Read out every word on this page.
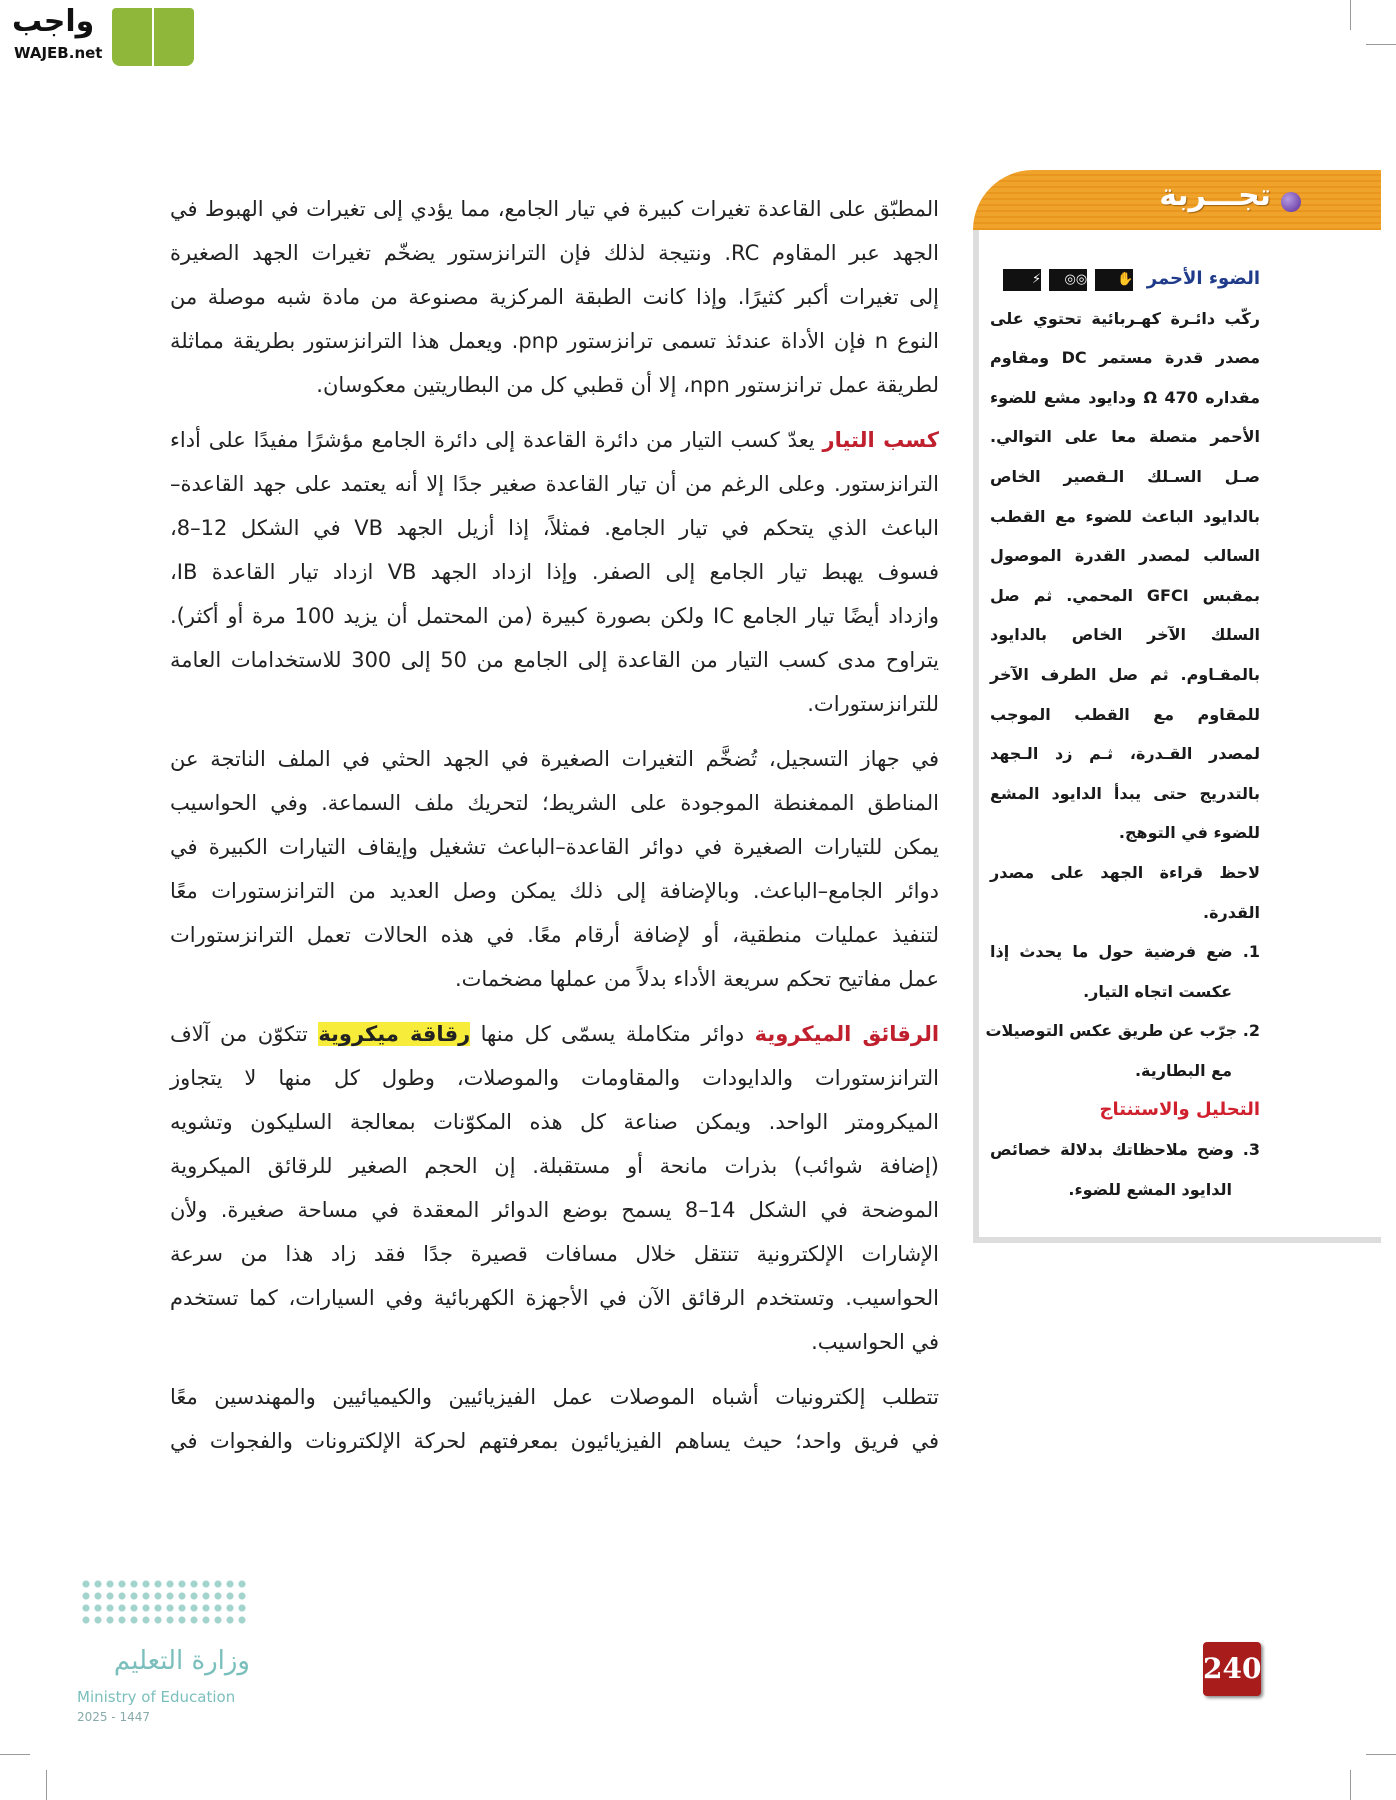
واجب
WAJEB.net
المطبّق على القاعدة تغيرات كبيرة في تيار الجامع، مما يؤدي إلى تغيرات في الهبوط في
الجهد عبر المقاوم RC. ونتيجة لذلك فإن الترانزستور يضخّم تغيرات الجهد الصغيرة
إلى تغيرات أكبر كثيرًا. وإذا كانت الطبقة المركزية مصنوعة من مادة شبه موصلة من
النوع n فإن الأداة عندئذ تسمى ترانزستور pnp. ويعمل هذا الترانزستور بطريقة مماثلة
لطريقة عمل ترانزستور npn، إلا أن قطبي كل من البطاريتين معكوسان.
كسب التيار يعدّ كسب التيار من دائرة القاعدة إلى دائرة الجامع مؤشرًا مفيدًا على أداء
الترانزستور. وعلى الرغم من أن تيار القاعدة صغير جدًا إلا أنه يعتمد على جهد القاعدة–
الباعث الذي يتحكم في تيار الجامع. فمثلاً، إذا أزيل الجهد VB في الشكل 12–8،
فسوف يهبط تيار الجامع إلى الصفر. وإذا ازداد الجهد VB ازداد تيار القاعدة IB،
وازداد أيضًا تيار الجامع IC ولكن بصورة كبيرة (من المحتمل أن يزيد 100 مرة أو أكثر).
يتراوح مدى كسب التيار من القاعدة إلى الجامع من 50 إلى 300 للاستخدامات العامة
للترانزستورات.
في جهاز التسجيل، تُضخَّم التغيرات الصغيرة في الجهد الحثي في الملف الناتجة عن
المناطق الممغنطة الموجودة على الشريط؛ لتحريك ملف السماعة. وفي الحواسيب
يمكن للتيارات الصغيرة في دوائر القاعدة–الباعث تشغيل وإيقاف التيارات الكبيرة في
دوائر الجامع–الباعث. وبالإضافة إلى ذلك يمكن وصل العديد من الترانزستورات معًا
لتنفيذ عمليات منطقية، أو لإضافة أرقام معًا. في هذه الحالات تعمل الترانزستورات
عمل مفاتيح تحكم سريعة الأداء بدلاً من عملها مضخمات.
الرقائق الميكروية دوائر متكاملة يسمّى كل منها رقاقة ميكروية تتكوّن من آلاف
الترانزستورات والدايودات والمقاومات والموصلات، وطول كل منها لا يتجاوز
الميكرومتر الواحد. ويمكن صناعة كل هذه المكوّنات بمعالجة السليكون وتشويه
(إضافة شوائب) بذرات مانحة أو مستقبلة. إن الحجم الصغير للرقائق الميكروية
الموضحة في الشكل 14–8 يسمح بوضع الدوائر المعقدة في مساحة صغيرة. ولأن
الإشارات الإلكترونية تنتقل خلال مسافات قصيرة جدًا فقد زاد هذا من سرعة
الحواسيب. وتستخدم الرقائق الآن في الأجهزة الكهربائية وفي السيارات، كما تستخدم
في الحواسيب.
تتطلب إلكترونيات أشباه الموصلات عمل الفيزيائيين والكيميائيين والمهندسين معًا
في فريق واحد؛ حيث يساهم الفيزيائيون بمعرفتهم لحركة الإلكترونات والفجوات في
تجـــربة
الضوء الأحمر
✋
◎◎
⚡
ركّب دائـرة كهـربائية تحتوي على
مصدر قدرة مستمر DC ومقاوم
مقداره Ω 470 ودايود مشع للضوء
الأحمر متصلة معا على التوالي.
صـل السـلك الـقصير الخاص
بالدايود الباعث للضوء مع القطب
السالب لمصدر القدرة الموصول
بمقبس GFCI المحمي. ثم صل
السلك الآخر الخاص بالدايود
بالمقـاوم. ثم صل الطرف الآخر
للمقاوم مع القطب الموجب
لمصدر القـدرة، ثـم زد الـجهد
بالتدريج حتى يبدأ الدايود المشع
للضوء في التوهج.
لاحظ قراءة الجهد على مصدر
القدرة.
1. ضع فرضية حول ما يحدث إذا
عكست اتجاه التيار.
2. جرّب عن طريق عكس التوصيلات
مع البطارية.
التحليل والاستنتاج
3. وضح ملاحظاتك بدلالة خصائص
الدايود المشع للضوء.
وزارة التعليم
Ministry of Education
2025 - 1447
240
